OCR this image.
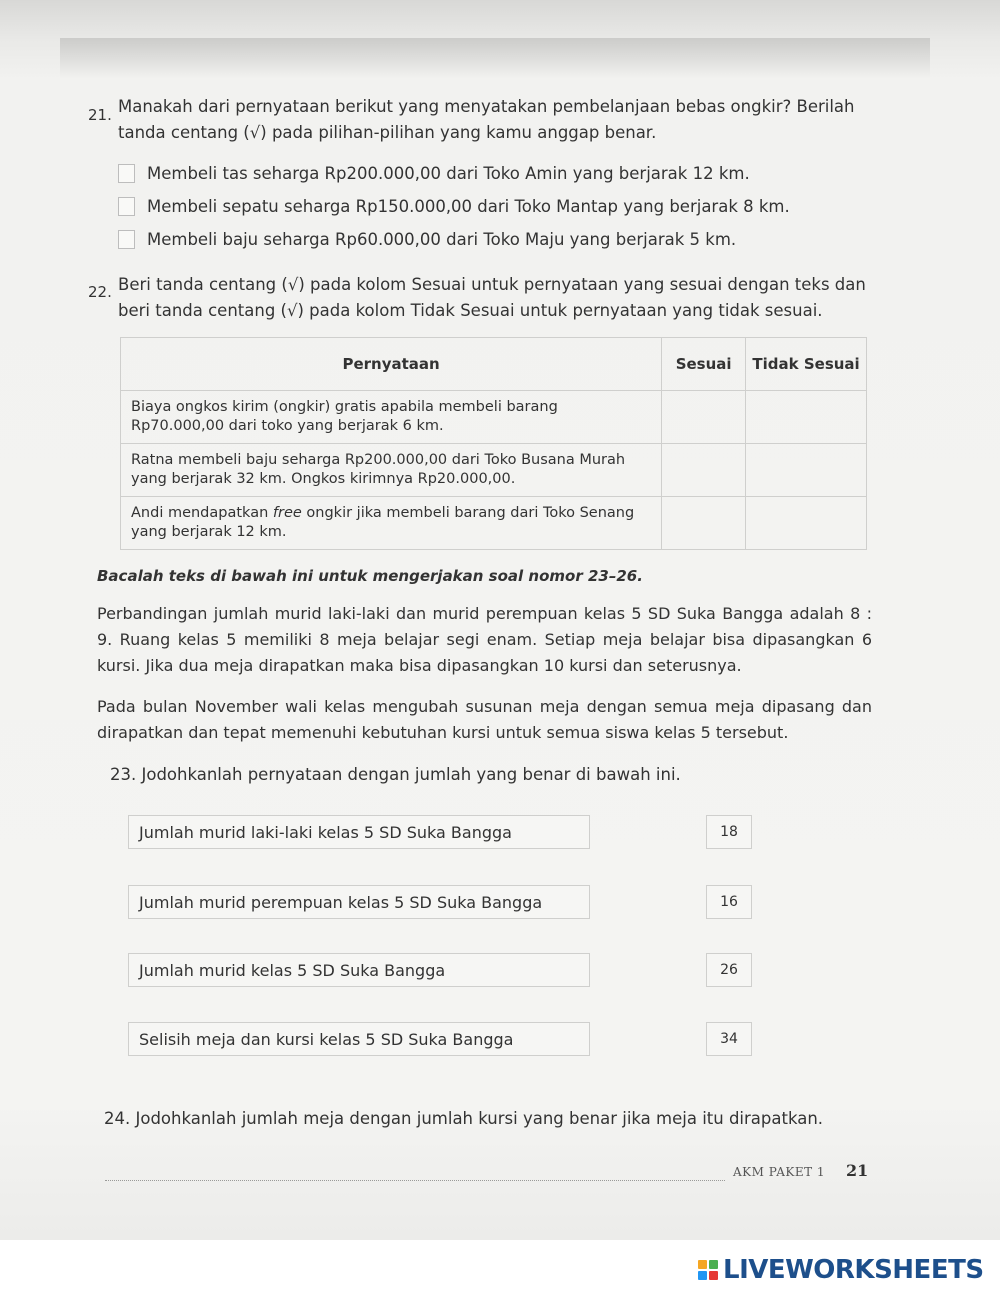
21. Manakah dari pernyataan berikut yang menyatakan pembelanjaan bebas ongkir? Berilah tanda centang (√) pada pilihan-pilihan yang kamu anggap benar.
Membeli tas seharga Rp200.000,00 dari Toko Amin yang berjarak 12 km.
Membeli sepatu seharga Rp150.000,00 dari Toko Mantap yang berjarak 8 km.
Membeli baju seharga Rp60.000,00 dari Toko Maju yang berjarak 5 km.
22. Beri tanda centang (√) pada kolom Sesuai untuk pernyataan yang sesuai dengan teks dan beri tanda centang (√) pada kolom Tidak Sesuai untuk pernyataan yang tidak sesuai.
Pernyataan	Sesuai	Tidak Sesuai
Biaya ongkos kirim (ongkir) gratis apabila membeli barang Rp70.000,00 dari toko yang berjarak 6 km.		
Ratna membeli baju seharga Rp200.000,00 dari Toko Busana Murah yang berjarak 32 km. Ongkos kirimnya Rp20.000,00.		
Andi mendapatkan free ongkir jika membeli barang dari Toko Senang yang berjarak 12 km.		
Bacalah teks di bawah ini untuk mengerjakan soal nomor 23–26.
Perbandingan jumlah murid laki-laki dan murid perempuan kelas 5 SD Suka Bangga adalah 8 : 9. Ruang kelas 5 memiliki 8 meja belajar segi enam. Setiap meja belajar bisa dipasangkan 6 kursi. Jika dua meja dirapatkan maka bisa dipasangkan 10 kursi dan seterusnya.
Pada bulan November wali kelas mengubah susunan meja dengan semua meja dipasang dan dirapatkan dan tepat memenuhi kebutuhan kursi untuk semua siswa kelas 5 tersebut.
23. Jodohkanlah pernyataan dengan jumlah yang benar di bawah ini.
Jumlah murid laki-laki kelas 5 SD Suka Bangga	18
Jumlah murid perempuan kelas 5 SD Suka Bangga	16
Jumlah murid kelas 5 SD Suka Bangga	26
Selisih meja dan kursi kelas 5 SD Suka Bangga	34
24. Jodohkanlah jumlah meja dengan jumlah kursi yang benar jika meja itu dirapatkan.
AKM PAKET 1 21
LIVEWORKSHEETS
